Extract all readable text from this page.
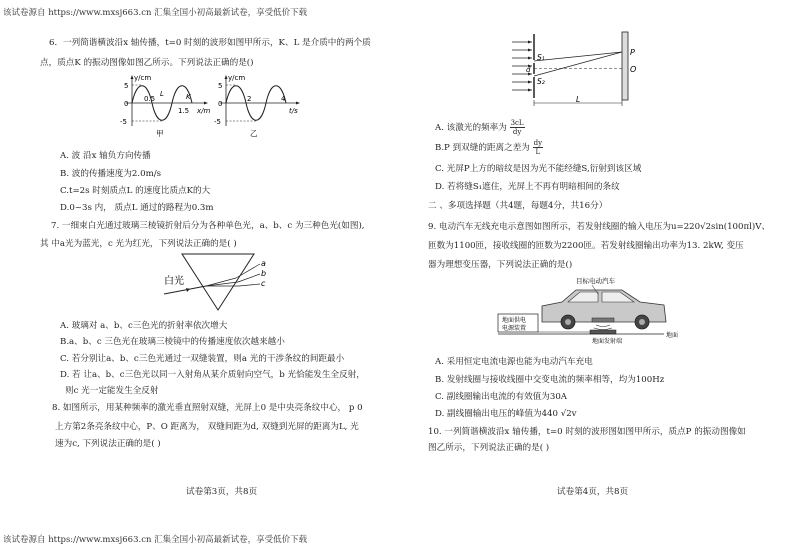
该试卷源自 https://www.mxsj663.cn 汇集全国小初高最新试卷，享受低价下载
6．一列简谐横波沿x 轴传播，t=0 时刻的波形如图甲所示，K、L 是介质中的两个质
点，质点K 的振动图像如图乙所示。下列说法正确的是()
y/cm
5
0
-5
0.5
L	K
1.5 x/m
甲
y/cm
5
0
-5
2	4
t/s
乙
A. 波 沿x 轴负方向传播
B. 波的传播速度为2.0m/s
C.t=2s 时刻质点L 的速度比质点K的大
D.0~3s 内， 质点L 通过的路程为0.3m
7. 一细束白光通过玻璃三棱镜折射后分为各种单色光，a、b、c 为三种色光(如图),
其 中a光为蓝光，c 光为红光，下列说法正确的是( )
白光
a
b
c
A. 玻璃对 a、b、c三色光的折射率依次增大
B.a、b、c 三色光在玻璃三棱镜中的传播速度依次越来越小
C. 若分别让a、b、c三色光通过一双缝装置，则a 光的干涉条纹的间距最小
D. 若 让a、b、c三色光以同一入射角从某介质射向空气，b 光恰能发生全反射，
则c 光一定能发生全反射
8. 如图所示，用某种频率的激光垂直照射双缝，光屏上0 是中央亮条纹中心， p 0
上方第2条亮条纹中心，P、O 距离为， 双缝间距为d, 双缝到光屏的距离为L, 光
速为c, 下列说法正确的是( )
试卷第3页，共8页
S₁
S₂
d
P
O
L
A. 该激光的频率为 $\frac{3cL}{dy}$
B.P 到双缝的距离之差为 $\frac{dy}{L}$
C. 光屏P上方的暗纹是因为光不能经缝S,衍射到该区域
D. 若将缝S₁遮住，光屏上不再有明暗相间的条纹
二 、多项选择题（共4题，每题4分，共16分）
9. 电动汽车无线充电示意图如图所示，若发射线圈的输入电压为u=220√2sin(100πl)V、
匝数为1100匝，接收线圈的匝数为2200匝。若发射线圈输出功率为13. 2kW, 变压
器为理想变压器，下列说法正确的是()
地面供电
电源装置
目标电动汽车
地面发射端
地面
A. 采用恒定电流电源也能为电动汽车充电
B. 发射线圈与接收线圈中交变电流的频率相等，均为100Hz
C. 副线圈输出电流的有效值为30A
D. 副线圈输出电压的峰值为440 √2v
10. 一列简谐横波沿x 轴传播，t=0 时刻的波形图如图甲所示，质点P 的振动图像如
图乙所示，下列说法正确的是( )
试卷第4页，共8页
该试卷源自 https://www.mxsj663.cn 汇集全国小初高最新试卷，享受低价下载
